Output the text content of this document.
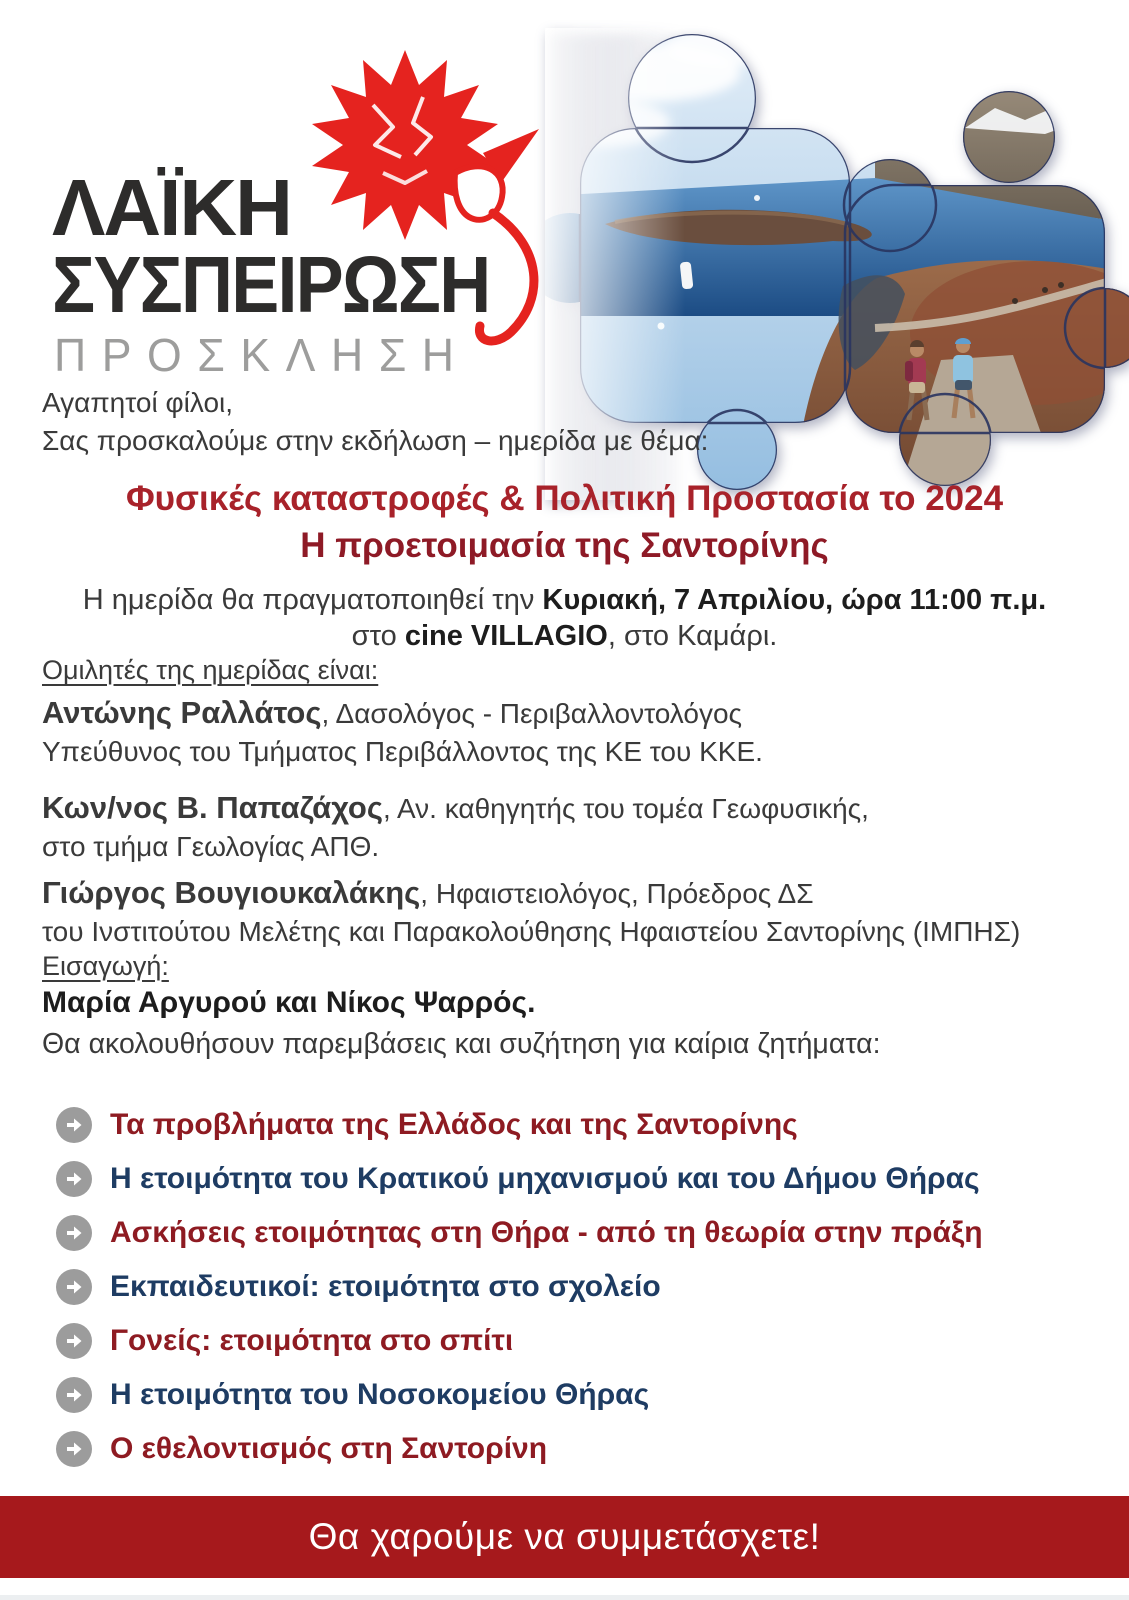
ΛΑΪΚΗ
ΣΥΣΠΕΙΡΩΣΗ
ΠΡΟΣΚΛΗΣΗ
Αγαπητοί φίλοι,
Σας προσκαλούμε στην εκδήλωση – ημερίδα με θέμα:
Φυσικές καταστροφές & Πολιτική Προστασία το 2024
Η προετοιμασία της Σαντορίνης
Η ημερίδα θα πραγματοποιηθεί την Κυριακή, 7 Απριλίου, ώρα 11:00 π.μ.
στο cine VILLAGIO, στο Καμάρι.
Ομιλητές της ημερίδας είναι:
Αντώνης Ραλλάτος, Δασολόγος - Περιβαλλοντολόγος
Υπεύθυνος του Τμήματος Περιβάλλοντος της ΚΕ του ΚΚΕ.
Κων/νος Β. Παπαζάχος, Αν. καθηγητής του τομέα Γεωφυσικής,
στο τμήμα Γεωλογίας ΑΠΘ.
Γιώργος Βουγιουκαλάκης, Ηφαιστειολόγος, Πρόεδρος ΔΣ
του Ινστιτούτου Μελέτης και Παρακολούθησης Ηφαιστείου Σαντορίνης (ΙΜΠΗΣ)
Εισαγωγή:
Μαρία Αργυρού και Νίκος Ψαρρός.
Θα ακολουθήσουν παρεμβάσεις και συζήτηση για καίρια ζητήματα:
Τα προβλήματα της Ελλάδος και της Σαντορίνης
Η ετοιμότητα του Κρατικού μηχανισμού και του Δήμου Θήρας
Ασκήσεις ετοιμότητας στη Θήρα - από τη θεωρία στην πράξη
Εκπαιδευτικοί: ετοιμότητα στο σχολείο
Γονείς: ετοιμότητα στο σπίτι
Η ετοιμότητα του Νοσοκομείου Θήρας
Ο εθελοντισμός στη Σαντορίνη
Θα χαρούμε να συμμετάσχετε!
